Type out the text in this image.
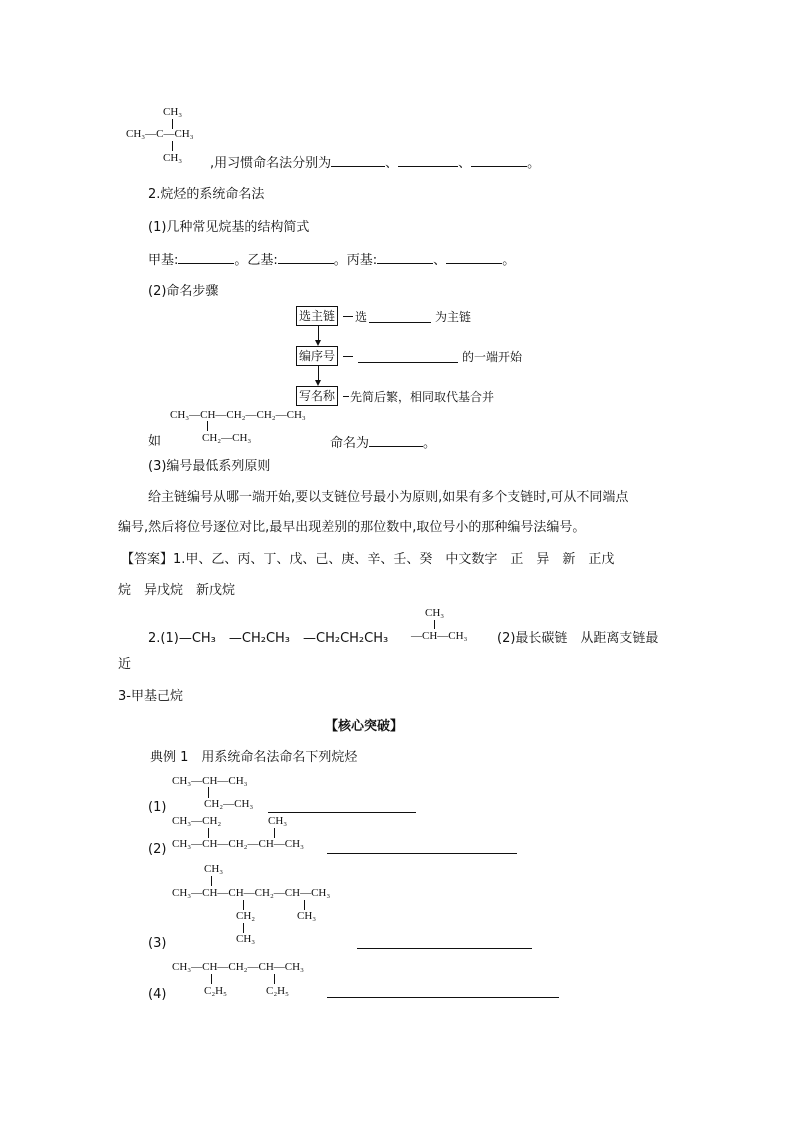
CH₃
CH₃—C—CH₃
CH₃ ,用习惯命名法分别为	、	、	。
2.烷烃的系统命名法
(1)几种常见烷基的结构简式
甲基:	。乙基:	。丙基:	、	。
(2)命名步骤
选主链 选	为主链
编序号	的一端开始
写名称 先简后繁，相同取代基合并
CH₃—CH—CH₂—CH₂—CH₃
CH₂—CH₃
如	命名为	。
(3)编号最低系列原则
给主链编号从哪一端开始,要以支链位号最小为原则,如果有多个支链时,可从不同端点
编号,然后将位号逐位对比,最早出现差别的那位数中,取位号小的那种编号法编号。
【答案】1.甲、乙、丙、丁、戊、己、庚、辛、壬、癸　中文数字　正　异　新　正戊
烷　异戊烷　新戊烷
2.(1)—CH₃　—CH₂CH₃　—CH₂CH₂CH₃
CH₃
—CH—CH₃ (2)最长碳链　从距离支链最
近
3-甲基己烷
【核心突破】
典例 1　用系统命名法命名下列烷烃
CH₃—CH—CH₃
CH₂—CH₃
(1)
CH₃—CH₂	CH₃
CH₃—CH—CH₂—CH—CH₃
(2)
CH₃
CH₃—CH—CH—CH₂—CH—CH₃
CH₂	CH₃
CH₃
(3)
CH₃—CH—CH₂—CH—CH₃
C₂H₅	C₂H₅
(4)
